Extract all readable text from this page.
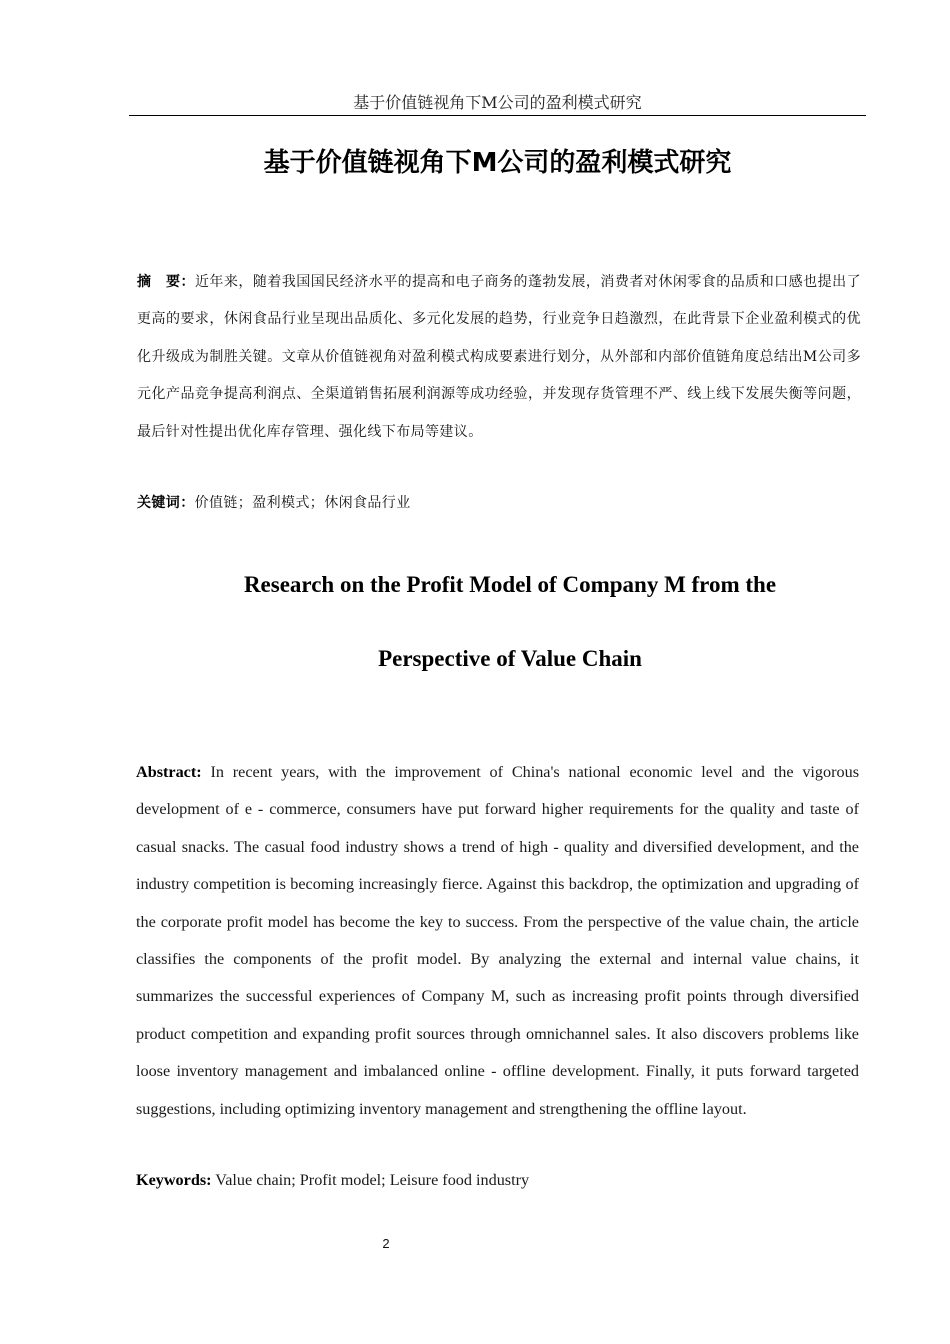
基于价值链视角下M公司的盈利模式研究
基于价值链视角下M公司的盈利模式研究

摘　要：近年来，随着我国国民经济水平的提高和电子商务的蓬勃发展，消费者对休闲零食的品质和口感也提出了更高的要求，休闲食品行业呈现出品质化、多元化发展的趋势，行业竞争日趋激烈，在此背景下企业盈利模式的优化升级成为制胜关键。文章从价值链视角对盈利模式构成要素进行划分，从外部和内部价值链角度总结出M公司多元化产品竞争提高利润点、全渠道销售拓展利润源等成功经验，并发现存货管理不严、线上线下发展失衡等问题，最后针对性提出优化库存管理、强化线下布局等建议。

关键词：价值链；盈利模式；休闲食品行业

Research on the Profit Model of Company M from the
Perspective of Value Chain

Abstract: In recent years, with the improvement of China's national economic level and the vigorous development of e - commerce, consumers have put forward higher requirements for the quality and taste of casual snacks. The casual food industry shows a trend of high - quality and diversified development, and the industry competition is becoming increasingly fierce. Against this backdrop, the optimization and upgrading of the corporate profit model has become the key to success. From the perspective of the value chain, the article classifies the components of the profit model. By analyzing the external and internal value chains, it summarizes the successful experiences of Company M, such as increasing profit points through diversified product competition and expanding profit sources through omnichannel sales. It also discovers problems like loose inventory management and imbalanced online - offline development. Finally, it puts forward targeted suggestions, including optimizing inventory management and strengthening the offline layout.

Keywords: Value chain; Profit model; Leisure food industry

2
